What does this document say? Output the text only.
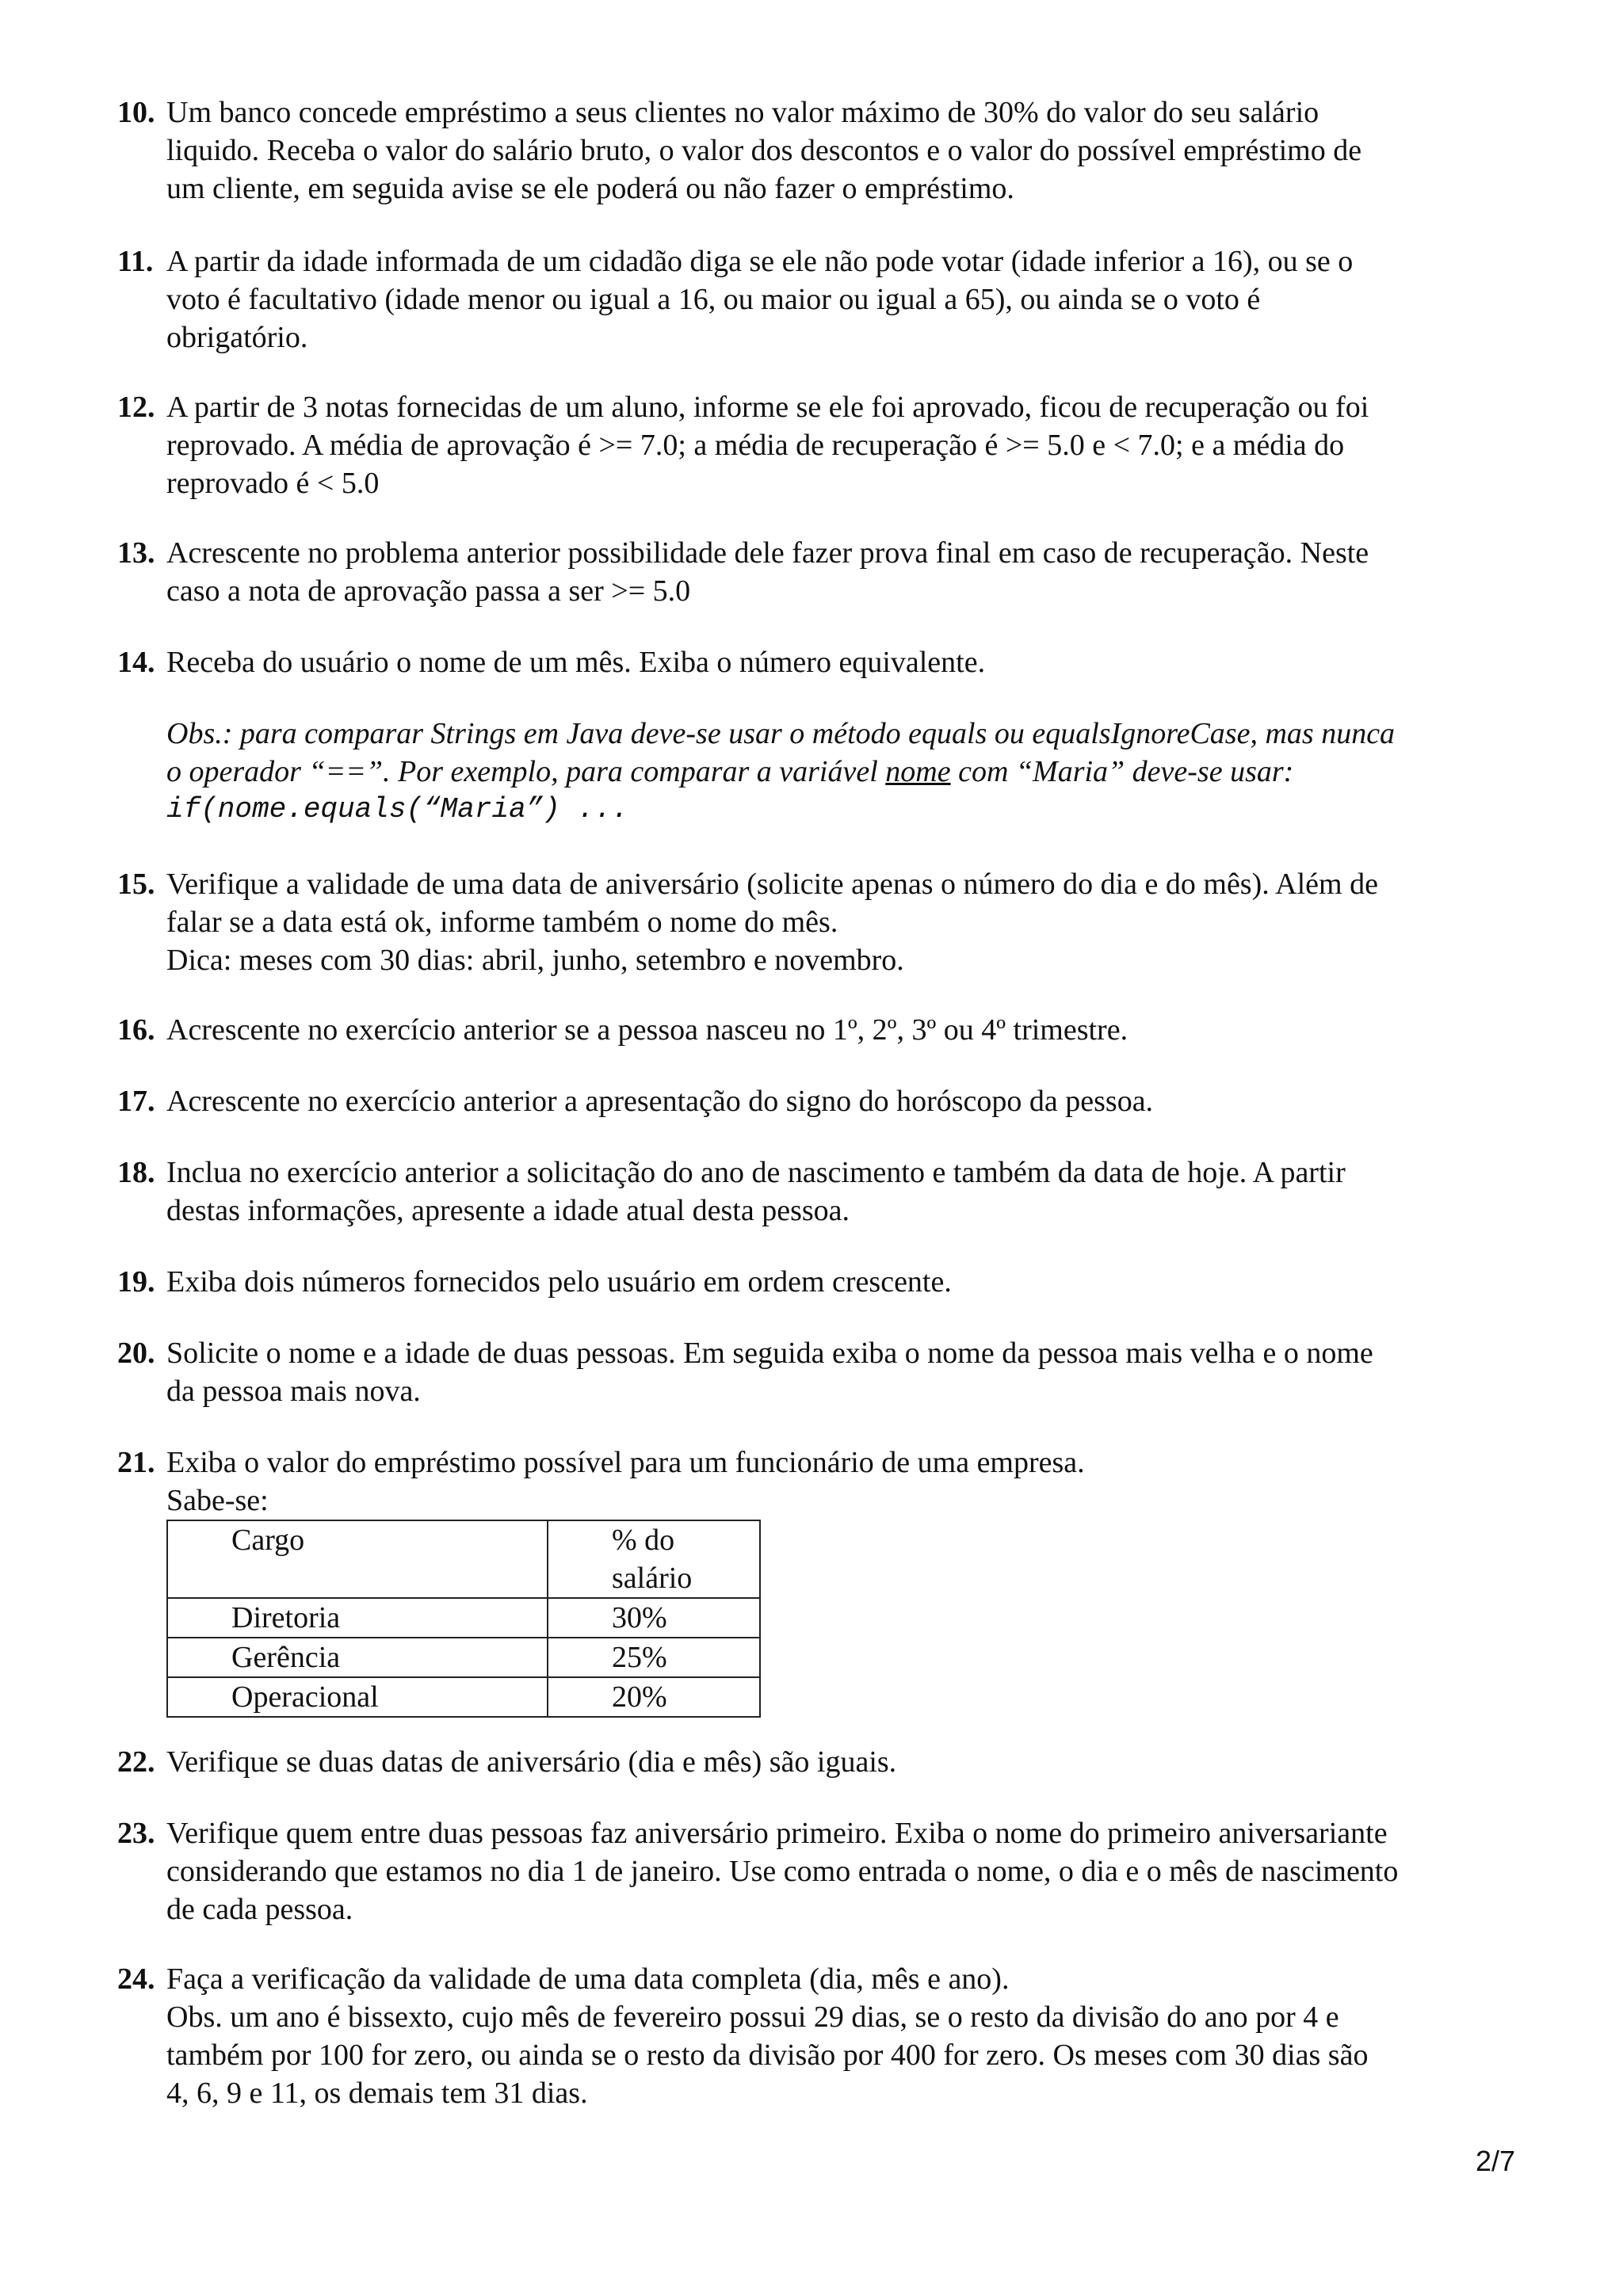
10. Um banco concede empréstimo a seus clientes no valor máximo de 30% do valor do seu salário
liquido. Receba o valor do salário bruto, o valor dos descontos e o valor do possível empréstimo de
um cliente, em seguida avise se ele poderá ou não fazer o empréstimo.
11. A partir da idade informada de um cidadão diga se ele não pode votar (idade inferior a 16), ou se o
voto é facultativo (idade menor ou igual a 16, ou maior ou igual a 65), ou ainda se o voto é
obrigatório.
12. A partir de 3 notas fornecidas de um aluno, informe se ele foi aprovado, ficou de recuperação ou foi
reprovado. A média de aprovação é >= 7.0; a média de recuperação é >= 5.0 e < 7.0; e a média do
reprovado é < 5.0
13. Acrescente no problema anterior possibilidade dele fazer prova final em caso de recuperação. Neste
caso a nota de aprovação passa a ser >= 5.0
14. Receba do usuário o nome de um mês. Exiba o número equivalente.
Obs.: para comparar Strings em Java deve-se usar o método equals ou equalsIgnoreCase, mas nunca
o operador “==”. Por exemplo, para comparar a variável nome com “Maria” deve-se usar:
if(nome.equals(“Maria”) ...
15. Verifique a validade de uma data de aniversário (solicite apenas o número do dia e do mês). Além de
falar se a data está ok, informe também o nome do mês.
Dica: meses com 30 dias: abril, junho, setembro e novembro.
16. Acrescente no exercício anterior se a pessoa nasceu no 1º, 2º, 3º ou 4º trimestre.
17. Acrescente no exercício anterior a apresentação do signo do horóscopo da pessoa.
18. Inclua no exercício anterior a solicitação do ano de nascimento e também da data de hoje. A partir
destas informações, apresente a idade atual desta pessoa.
19. Exiba dois números fornecidos pelo usuário em ordem crescente.
20. Solicite o nome e a idade de duas pessoas. Em seguida exiba o nome da pessoa mais velha e o nome
da pessoa mais nova.
21. Exiba o valor do empréstimo possível para um funcionário de uma empresa.
Sabe-se:
Cargo	% do
salário
Diretoria	30%
Gerência	25%
Operacional	20%
22. Verifique se duas datas de aniversário (dia e mês) são iguais.
23. Verifique quem entre duas pessoas faz aniversário primeiro. Exiba o nome do primeiro aniversariante
considerando que estamos no dia 1 de janeiro. Use como entrada o nome, o dia e o mês de nascimento
de cada pessoa.
24. Faça a verificação da validade de uma data completa (dia, mês e ano).
Obs. um ano é bissexto, cujo mês de fevereiro possui 29 dias, se o resto da divisão do ano por 4 e
também por 100 for zero, ou ainda se o resto da divisão por 400 for zero. Os meses com 30 dias são
4, 6, 9 e 11, os demais tem 31 dias.
2/7
